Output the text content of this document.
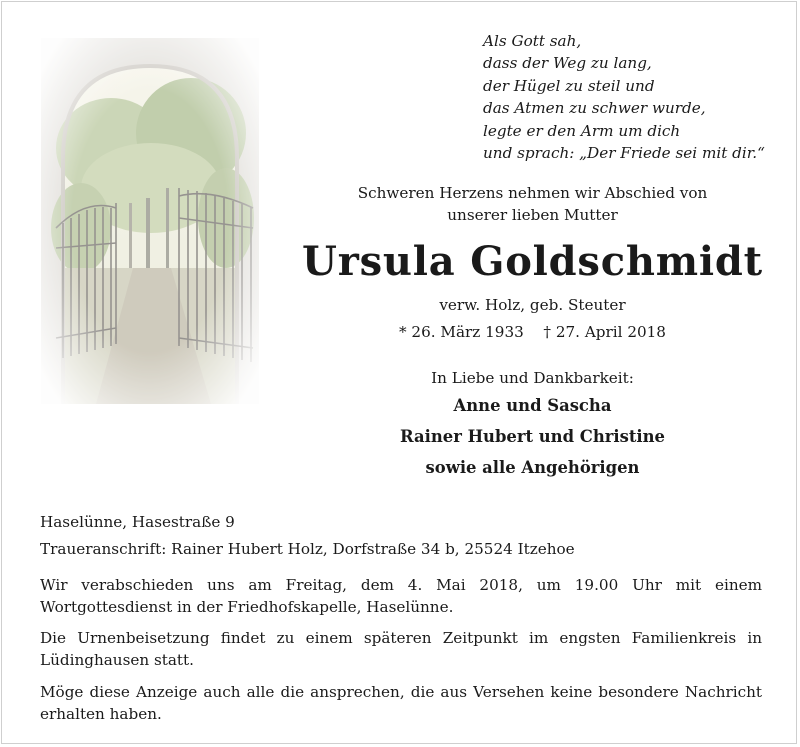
Als Gott sah,
dass der Weg zu lang,
der Hügel zu steil und
das Atmen zu schwer wurde,
legte er den Arm um dich
und sprach: „Der Friede sei mit dir.“
Schweren Herzens nehmen wir Abschied von
unserer lieben Mutter
Ursula Goldschmidt
verw. Holz, geb. Steuter
* 26. März 1933 † 27. April 2018
In Liebe und Dankbarkeit:
Anne und Sascha
Rainer Hubert und Christine
sowie alle Angehörigen
Haselünne, Hasestraße 9
Traueranschrift: Rainer Hubert Holz, Dorfstraße 34 b, 25524 Itzehoe
Wir verabschieden uns am Freitag, dem 4. Mai 2018, um 19.00 Uhr mit einem Wortgottesdienst in der Friedhofskapelle, Haselünne.
Die Urnenbeisetzung findet zu einem späteren Zeitpunkt im engsten Familienkreis in Lüdinghausen statt.
Möge diese Anzeige auch alle die ansprechen, die aus Versehen keine besondere Nachricht erhalten haben.
